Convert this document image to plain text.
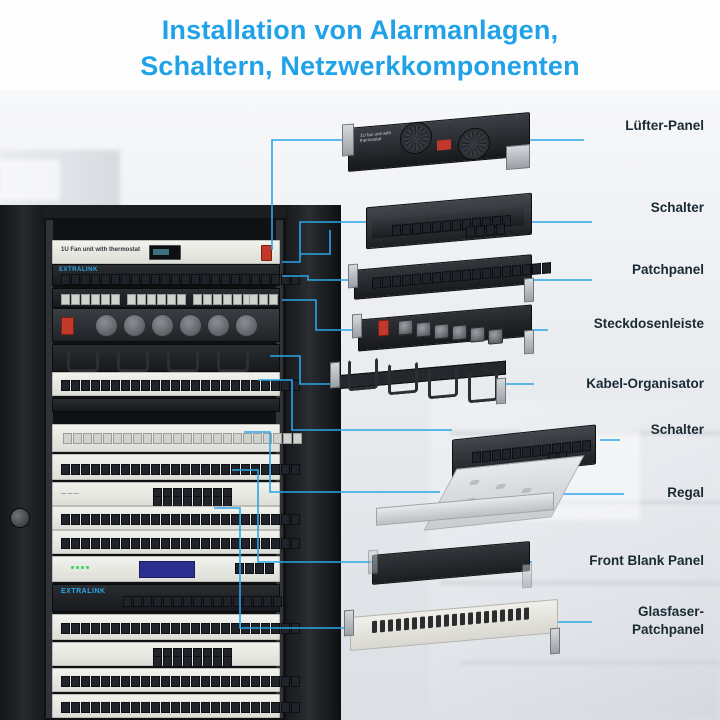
Installation von Alarmanlagen,
Schaltern, Netzwerkkomponenten
1U Fan unit with thermostat
EXTRALINK
— — —
EXTRALINK
1U fan unit with thermostat
Lüfter-Panel
Schalter
Patchpanel
Steckdosenleiste
Kabel-Organisator
Schalter
Regal
Front Blank Panel
Glasfaser-
Patchpanel
